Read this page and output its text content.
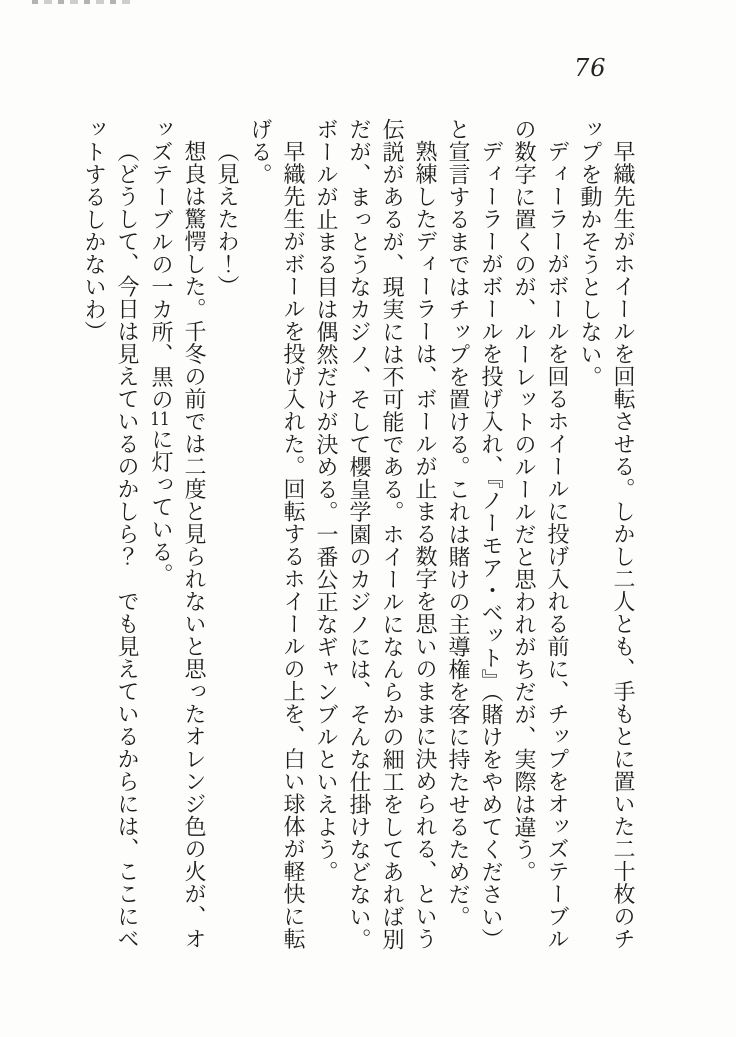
76

早織先生がホイールを回転させる。しかし二人とも、手もとに置いた二十枚のチップを動かそうとしない。

ディーラーがボールを回るホイールに投げ入れる前に、チップをオッズテーブルの数字に置くのが、ルーレットのルールだと思われがちだが、実際は違う。

ディーラーがボールを投げ入れ、『ノーモア・ベット』（賭けをやめてください）と宣言するまではチップを置ける。これは賭けの主導権を客に持たせるためだ。

熟練したディーラーは、ボールが止まる数字を思いのままに決められる、という伝説があるが、現実には不可能である。ホイールになんらかの細工をしてあれば別だが、まっとうなカジノ、そして櫻皇学園のカジノには、そんな仕掛けなどない。ボールが止まる目は偶然だけが決める。一番公正なギャンブルといえよう。

早織先生がボールを投げ入れた。回転するホイールの上を、白い球体が軽快に転げる。

（見えたわ！）

想良は驚愕した。千冬の前では二度と見られないと思ったオレンジ色の火が、オッズテーブルの一カ所、黒の11に灯っている。

（どうして、今日は見えているのかしら？　でも見えているからには、ここにベットするしかないわ）
